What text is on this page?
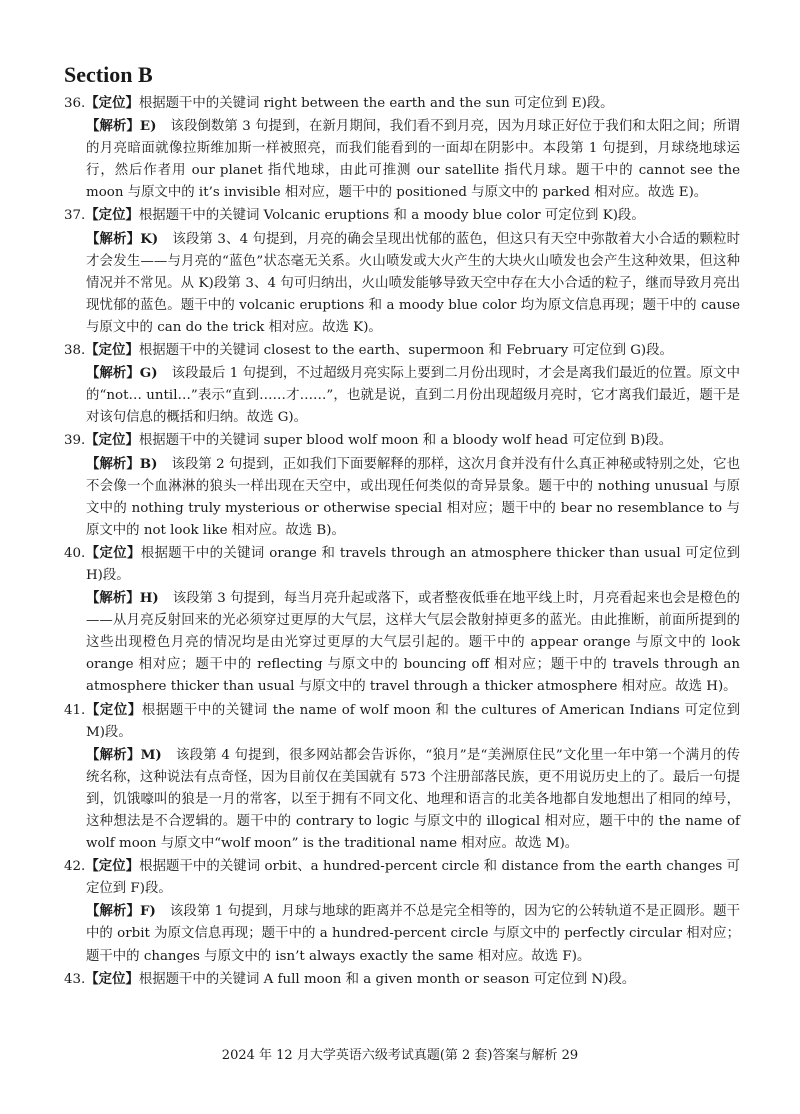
Section B

36.【定位】根据题干中的关键词 right between the earth and the sun 可定位到 E)段。

【解析】E) 该段倒数第 3 句提到，在新月期间，我们看不到月亮，因为月球正好位于我们和太阳之间；所谓的月亮暗面就像拉斯维加斯一样被照亮，而我们能看到的一面却在阴影中。本段第 1 句提到，月球绕地球运行，然后作者用 our planet 指代地球，由此可推测 our satellite 指代月球。题干中的 cannot see the moon 与原文中的 it’s invisible 相对应，题干中的 positioned 与原文中的 parked 相对应。故选 E)。

37.【定位】根据题干中的关键词 Volcanic eruptions 和 a moody blue color 可定位到 K)段。

【解析】K) 该段第 3、4 句提到，月亮的确会呈现出忧郁的蓝色，但这只有天空中弥散着大小合适的颗粒时才会发生——与月亮的“蓝色”状态毫无关系。火山喷发或大火产生的大块火山喷发也会产生这种效果，但这种情况并不常见。从 K)段第 3、4 句可归纳出，火山喷发能够导致天空中存在大小合适的粒子，继而导致月亮出现忧郁的蓝色。题干中的 volcanic eruptions 和 a moody blue color 均为原文信息再现；题干中的 cause 与原文中的 can do the trick 相对应。故选 K)。

38.【定位】根据题干中的关键词 closest to the earth、supermoon 和 February 可定位到 G)段。

【解析】G) 该段最后 1 句提到，不过超级月亮实际上要到二月份出现时，才会是离我们最近的位置。原文中的“not… until…”表示“直到……才……”，也就是说，直到二月份出现超级月亮时，它才离我们最近，题干是对该句信息的概括和归纳。故选 G)。

39.【定位】根据题干中的关键词 super blood wolf moon 和 a bloody wolf head 可定位到 B)段。

【解析】B) 该段第 2 句提到，正如我们下面要解释的那样，这次月食并没有什么真正神秘或特别之处，它也不会像一个血淋淋的狼头一样出现在天空中，或出现任何类似的奇异景象。题干中的 nothing unusual 与原文中的 nothing truly mysterious or otherwise special 相对应；题干中的 bear no resemblance to 与原文中的 not look like 相对应。故选 B)。

40.【定位】根据题干中的关键词 orange 和 travels through an atmosphere thicker than usual 可定位到 H)段。

【解析】H) 该段第 3 句提到，每当月亮升起或落下，或者整夜低垂在地平线上时，月亮看起来也会是橙色的——从月亮反射回来的光必须穿过更厚的大气层，这样大气层会散射掉更多的蓝光。由此推断，前面所提到的这些出现橙色月亮的情况均是由光穿过更厚的大气层引起的。题干中的 appear orange 与原文中的 look orange 相对应；题干中的 reflecting 与原文中的 bouncing off 相对应；题干中的 travels through an atmosphere thicker than usual 与原文中的 travel through a thicker atmosphere 相对应。故选 H)。

41.【定位】根据题干中的关键词 the name of wolf moon 和 the cultures of American Indians 可定位到 M)段。

【解析】M) 该段第 4 句提到，很多网站都会告诉你，“狼月”是“美洲原住民”文化里一年中第一个满月的传统名称，这种说法有点奇怪，因为目前仅在美国就有 573 个注册部落民族，更不用说历史上的了。最后一句提到，饥饿嚎叫的狼是一月的常客，以至于拥有不同文化、地理和语言的北美各地都自发地想出了相同的绰号，这种想法是不合逻辑的。题干中的 contrary to logic 与原文中的 illogical 相对应，题干中的 the name of wolf moon 与原文中“wolf moon” is the traditional name 相对应。故选 M)。

42.【定位】根据题干中的关键词 orbit、a hundred-percent circle 和 distance from the earth changes 可定位到 F)段。

【解析】F) 该段第 1 句提到，月球与地球的距离并不总是完全相等的，因为它的公转轨道不是正圆形。题干中的 orbit 为原文信息再现；题干中的 a hundred-percent circle 与原文中的 perfectly circular 相对应；题干中的 changes 与原文中的 isn’t always exactly the same 相对应。故选 F)。

43.【定位】根据题干中的关键词 A full moon 和 a given month or season 可定位到 N)段。

2024 年 12 月大学英语六级考试真题(第 2 套)答案与解析 29
